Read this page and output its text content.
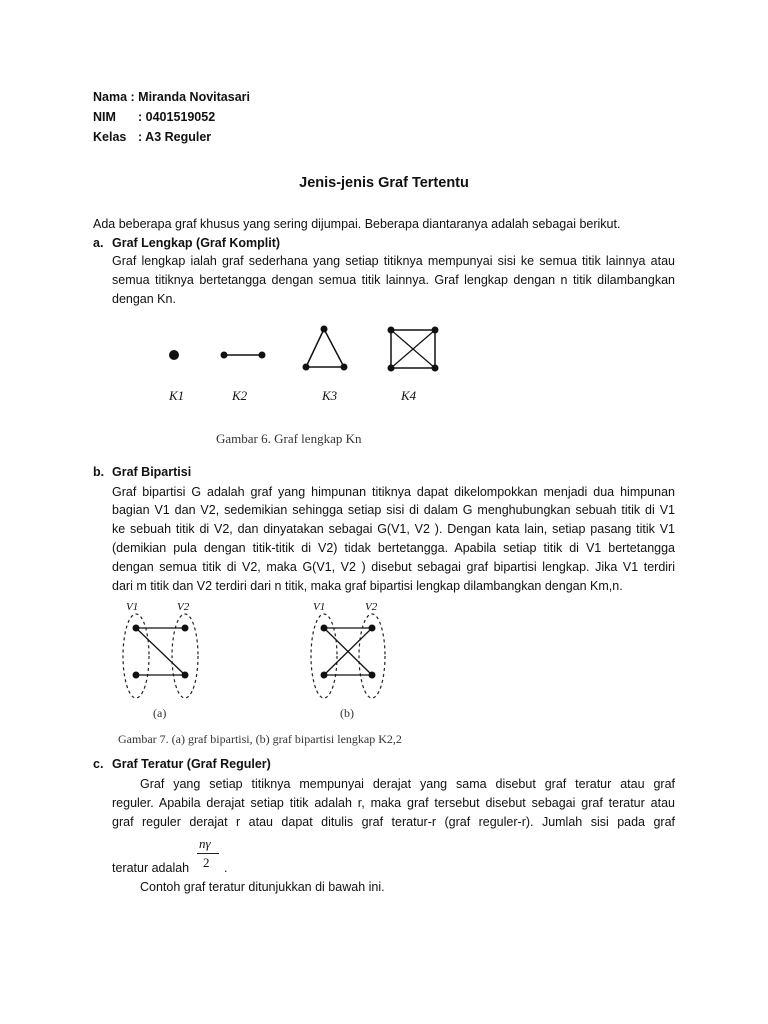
Nama : Miranda Novitasari
NIM : 0401519052
Kelas : A3 Reguler
Jenis-jenis Graf Tertentu
Ada beberapa graf khusus yang sering dijumpai. Beberapa diantaranya adalah sebagai berikut.
a. Graf Lengkap (Graf Komplit)
Graf lengkap ialah graf sederhana yang setiap titiknya mempunyai sisi ke semua titik lainnya atau
semua titiknya bertetangga dengan semua titik lainnya. Graf lengkap dengan n titik dilambangkan
dengan Kn.
K1	K2	K3	K4
Gambar 6. Graf lengkap Kn
b. Graf Bipartisi
Graf bipartisi G adalah graf yang himpunan titiknya dapat dikelompokkan menjadi dua himpunan
bagian V1 dan V2, sedemikian sehingga setiap sisi di dalam G menghubungkan sebuah titik di V1
ke sebuah titik di V2, dan dinyatakan sebagai G(V1, V2 ). Dengan kata lain, setiap pasang titik V1
(demikian pula dengan titik-titik di V2) tidak bertetangga. Apabila setiap titik di V1 bertetangga
dengan semua titik di V2, maka G(V1, V2 ) disebut sebagai graf bipartisi lengkap. Jika V1 terdiri
dari m titik dan V2 terdiri dari n titik, maka graf bipartisi lengkap dilambangkan dengan Km,n.
V1	V2	V1	V2
(a)	(b)
Gambar 7. (a) graf bipartisi, (b) graf bipartisi lengkap K2,2
c. Graf Teratur (Graf Reguler)
Graf yang setiap titiknya mempunyai derajat yang sama disebut graf teratur atau graf
reguler. Apabila derajat setiap titik adalah r, maka graf tersebut disebut sebagai graf teratur atau
graf reguler derajat r atau dapat ditulis graf teratur-r (graf reguler-r). Jumlah sisi pada graf
nγ
2
teratur adalah	.
Contoh graf teratur ditunjukkan di bawah ini.
